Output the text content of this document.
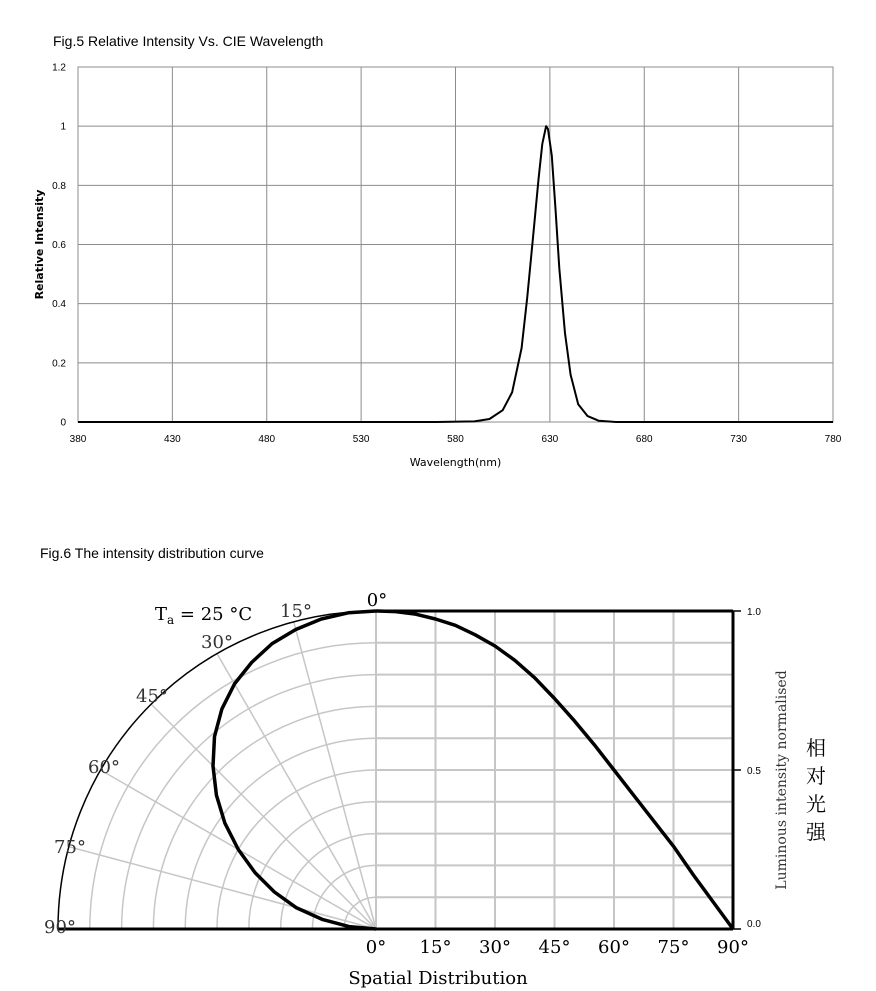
Fig.5 Relative Intensity Vs. CIE Wavelength
Fig.6 The intensity distribution curve
380	430	480	530	580	630	680	730	780
0
0.2
0.4
0.6
0.8
1
1.2
Wavelength(nm)
Relative Intensity
0°
15°
30°
45°
60°
75°
90°
$T_a = 25$ °C
0° 15° 30° 45° 60° 75° 90°
Spatial Distribution
0.0
0.5
1.0
Luminous intensity normalised 相
对
光
强
